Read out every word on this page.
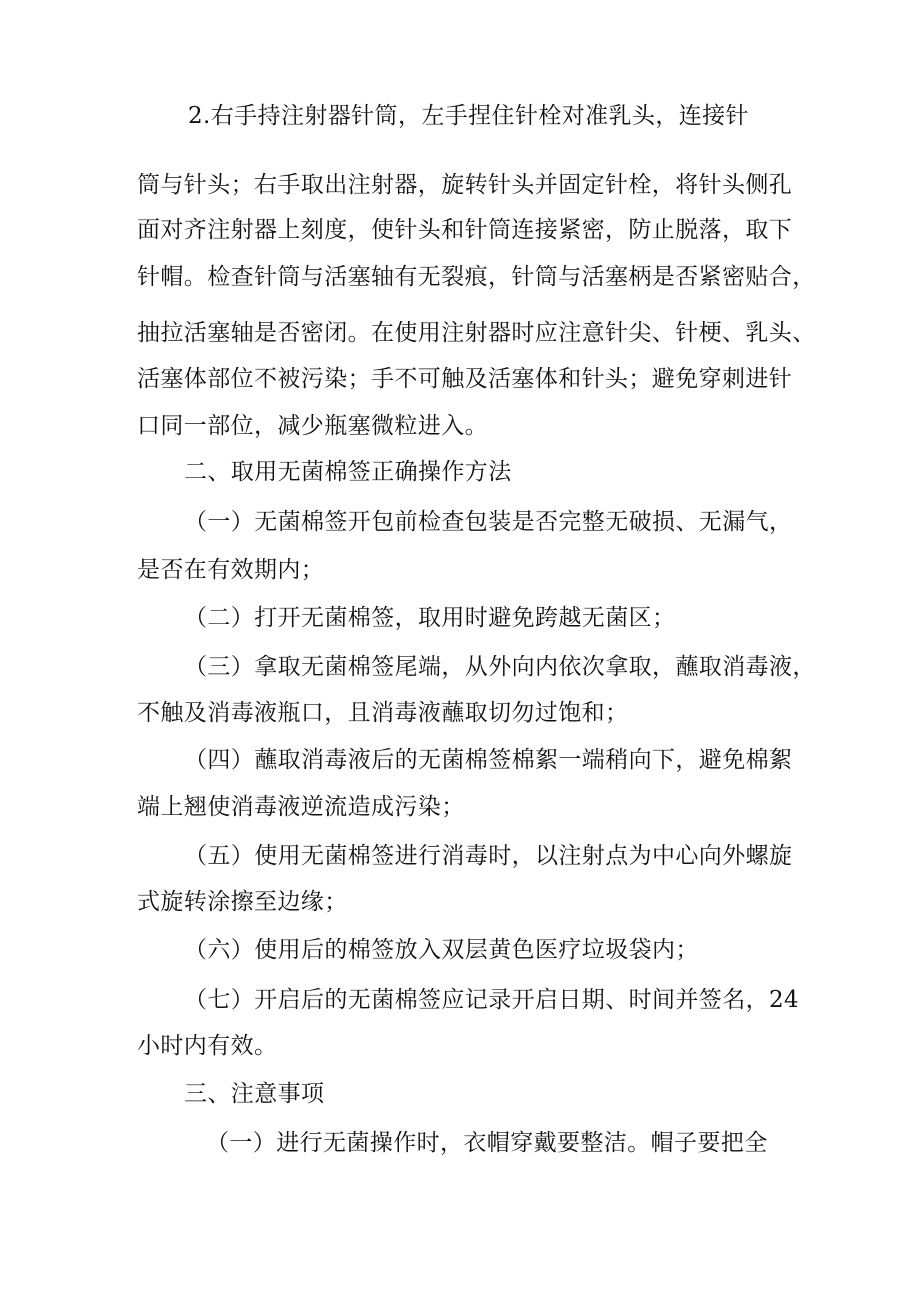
2.右手持注射器针筒，左手捏住针栓对准乳头，连接针
筒与针头；右手取出注射器，旋转针头并固定针栓，将针头侧孔
面对齐注射器上刻度，使针头和针筒连接紧密，防止脱落，取下
针帽。检查针筒与活塞轴有无裂痕，针筒与活塞柄是否紧密贴合，
抽拉活塞轴是否密闭。在使用注射器时应注意针尖、针梗、乳头、
活塞体部位不被污染；手不可触及活塞体和针头；避免穿刺进针
口同一部位，减少瓶塞微粒进入。
二、取用无菌棉签正确操作方法
（一）无菌棉签开包前检查包装是否完整无破损、无漏气，
是否在有效期内；
（二）打开无菌棉签，取用时避免跨越无菌区；
（三）拿取无菌棉签尾端，从外向内依次拿取，蘸取消毒液，
不触及消毒液瓶口，且消毒液蘸取切勿过饱和；
（四）蘸取消毒液后的无菌棉签棉絮一端稍向下，避免棉絮
端上翘使消毒液逆流造成污染；
（五）使用无菌棉签进行消毒时，以注射点为中心向外螺旋
式旋转涂擦至边缘；
（六）使用后的棉签放入双层黄色医疗垃圾袋内；
（七）开启后的无菌棉签应记录开启日期、时间并签名，24
小时内有效。
三、注意事项
（一）进行无菌操作时，衣帽穿戴要整洁。帽子要把全
